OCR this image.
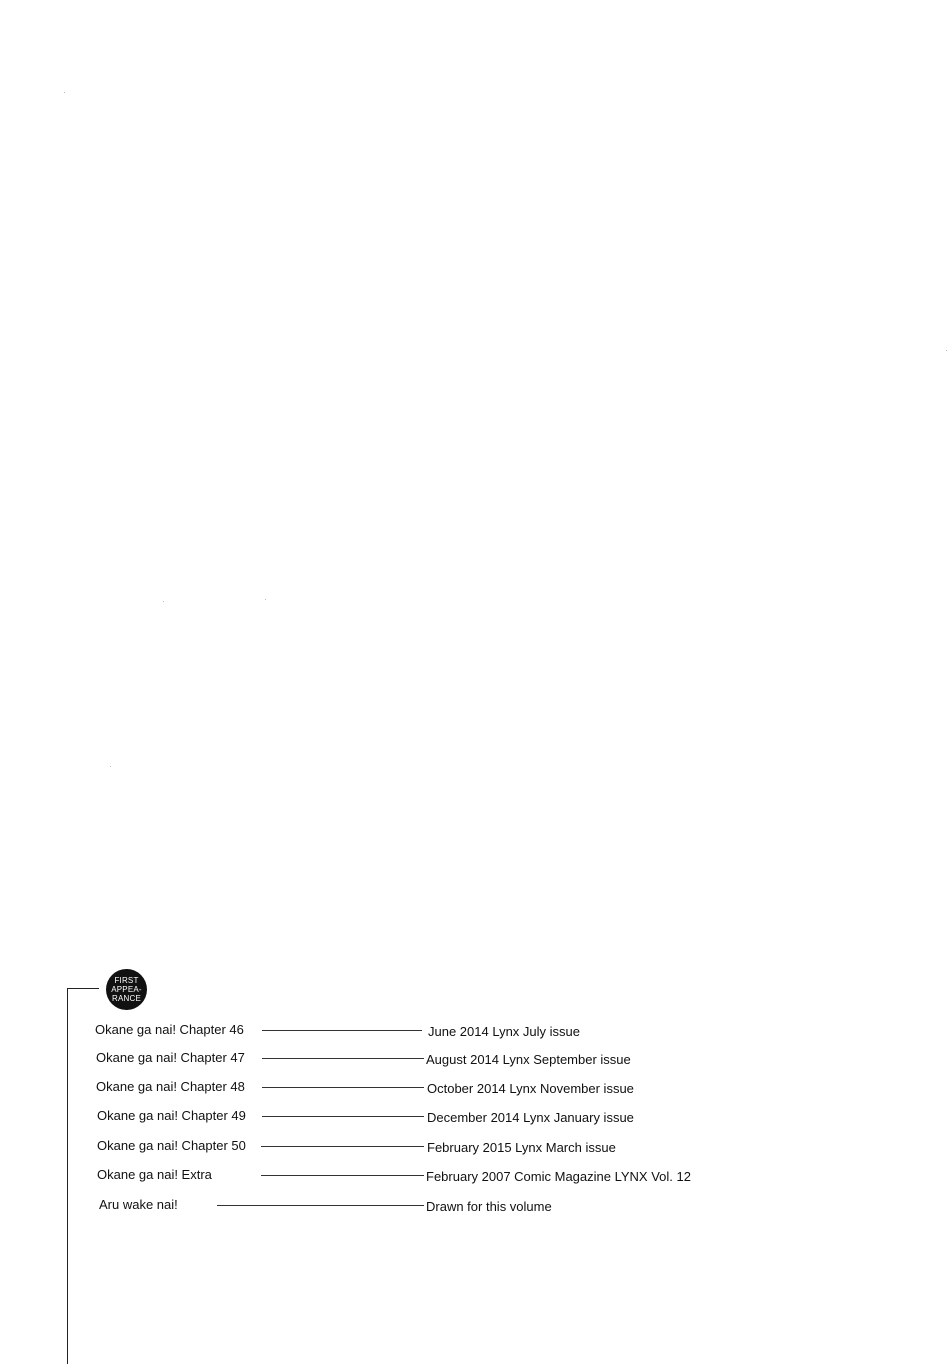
FIRST
APPEA-
RANCE
Okane ga nai! Chapter 46	June 2014 Lynx July issue
Okane ga nai! Chapter 47	August 2014 Lynx September issue
Okane ga nai! Chapter 48	October 2014 Lynx November issue
Okane ga nai! Chapter 49	December 2014 Lynx January issue
Okane ga nai! Chapter 50	February 2015 Lynx March issue
Okane ga nai! Extra	February 2007 Comic Magazine LYNX Vol. 12
Aru wake nai!	Drawn for this volume
